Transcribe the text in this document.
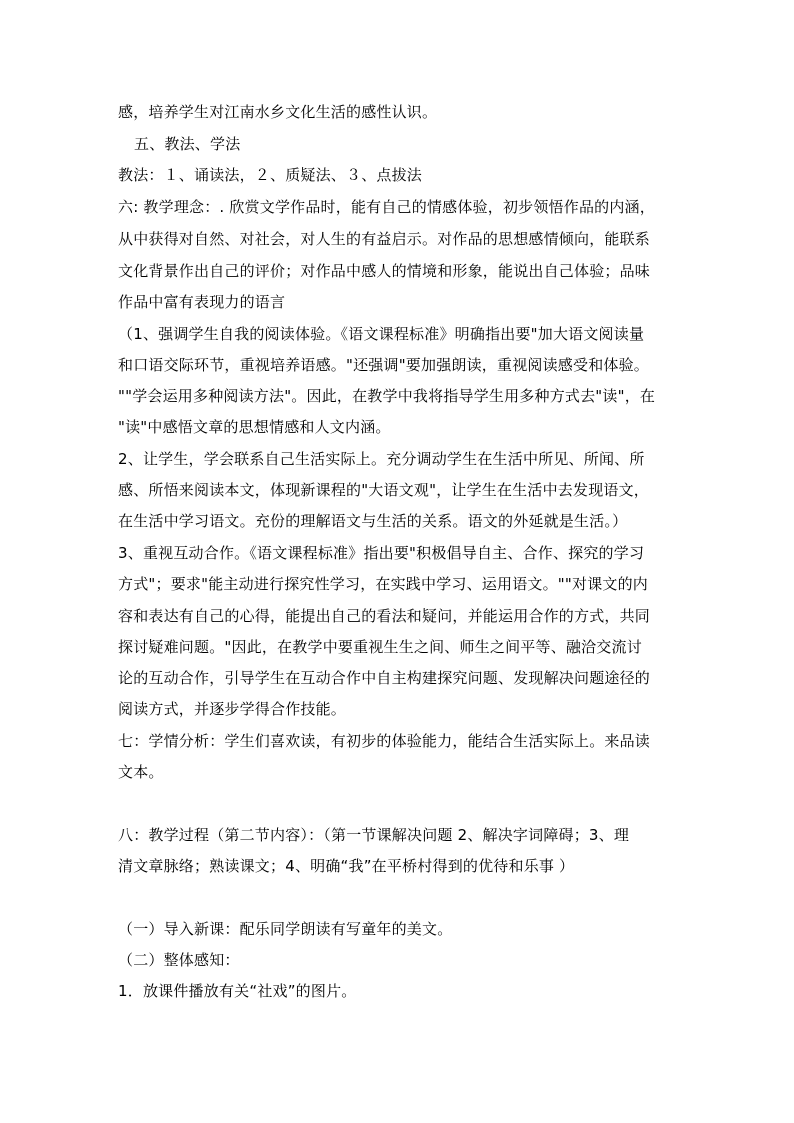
感，培养学生对江南水乡文化生活的感性认识。
五、教法、学法
教法：１、诵读法，２、质疑法、３、点拔法
六: 教学理念：. 欣赏文学作品时，能有自己的情感体验，初步领悟作品的内涵，
从中获得对自然、对社会，对人生的有益启示。对作品的思想感情倾向，能联系
文化背景作出自己的评价；对作品中感人的情境和形象，能说出自己体验；品味
作品中富有表现力的语言
（1、强调学生自我的阅读体验。《语文课程标准》明确指出要"加大语文阅读量
和口语交际环节，重视培养语感。"还强调"要加强朗读，重视阅读感受和体验。
""学会运用多种阅读方法"。因此，在教学中我将指导学生用多种方式去"读"，在
"读"中感悟文章的思想情感和人文内涵。
2、让学生，学会联系自己生活实际上。充分调动学生在生活中所见、所闻、所
感、所悟来阅读本文，体现新课程的"大语文观"，让学生在生活中去发现语文，
在生活中学习语文。充份的理解语文与生活的关系。语文的外延就是生活。）
3、重视互动合作。《语文课程标准》指出要"积极倡导自主、合作、探究的学习
方式"；要求"能主动进行探究性学习，在实践中学习、运用语文。""对课文的内
容和表达有自己的心得，能提出自己的看法和疑问，并能运用合作的方式，共同
探讨疑难问题。"因此，在教学中要重视生生之间、师生之间平等、融洽交流讨
论的互动合作，引导学生在互动合作中自主构建探究问题、发现解决问题途径的
阅读方式，并逐步学得合作技能。
七：学情分析：学生们喜欢读，有初步的体验能力，能结合生活实际上。来品读
文本。
八：教学过程（第二节内容）：（第一节课解决问题 2、解决字词障碍；3、理
清文章脉络；熟读课文；4、明确“我”在平桥村得到的优待和乐事 ）
（一）导入新课：配乐同学朗读有写童年的美文。
（二）整体感知：
1．放课件播放有关“社戏”的图片。
